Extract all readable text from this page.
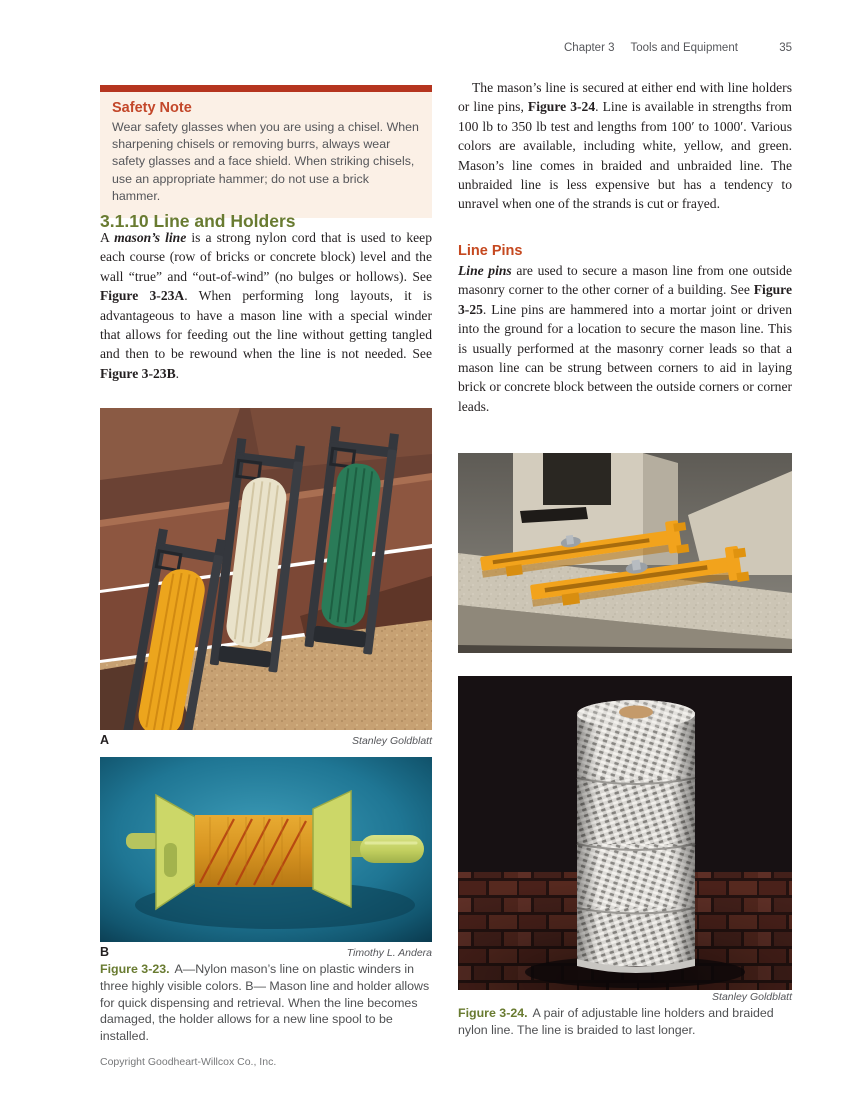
Chapter 3 Tools and Equipment	35
Safety Note
Wear safety glasses when you are using a chisel. When sharpening chisels or removing burrs, always wear safety glasses and a face shield. When striking chisels, use an appropriate hammer; do not use a brick hammer.
3.1.10 Line and Holders

A mason’s line is a strong nylon cord that is used to keep each course (row of bricks or concrete block) level and the wall “true” and “out-of-wind” (no bulges or hollows). See Figure 3-23A. When performing long layouts, it is advantageous to have a mason line with a special winder that allows for feeding out the line without getting tangled and then to be rewound when the line is not needed. See Figure 3-23B.

A	Stanley Goldblatt
B	Timothy L. Andera
Figure 3-23. A—Nylon mason’s line on plastic winders in three highly visible colors. B— Mason line and holder allows for quick dispensing and retrieval. When the line becomes damaged, the holder allows for a new line spool to be installed.
Copyright Goodheart-Willcox Co., Inc.

The mason’s line is secured at either end with line holders or line pins, Figure 3-24. Line is available in strengths from 100 lb to 350 lb test and lengths from 100′ to 1000′. Various colors are available, including white, yellow, and green. Mason’s line comes in braided and unbraided line. The unbraided line is less expensive but has a tendency to unravel when one of the strands is cut or frayed.

Line Pins

Line pins are used to secure a mason line from one outside masonry corner to the other corner of a building. See Figure 3-25. Line pins are hammered into a mortar joint or driven into the ground for a location to secure the mason line. This is usually performed at the masonry corner leads so that a mason line can be strung between corners to aid in laying brick or concrete block between the outside corners or corner leads.

Stanley Goldblatt
Figure 3-24. A pair of adjustable line holders and braided nylon line. The line is braided to last longer.
